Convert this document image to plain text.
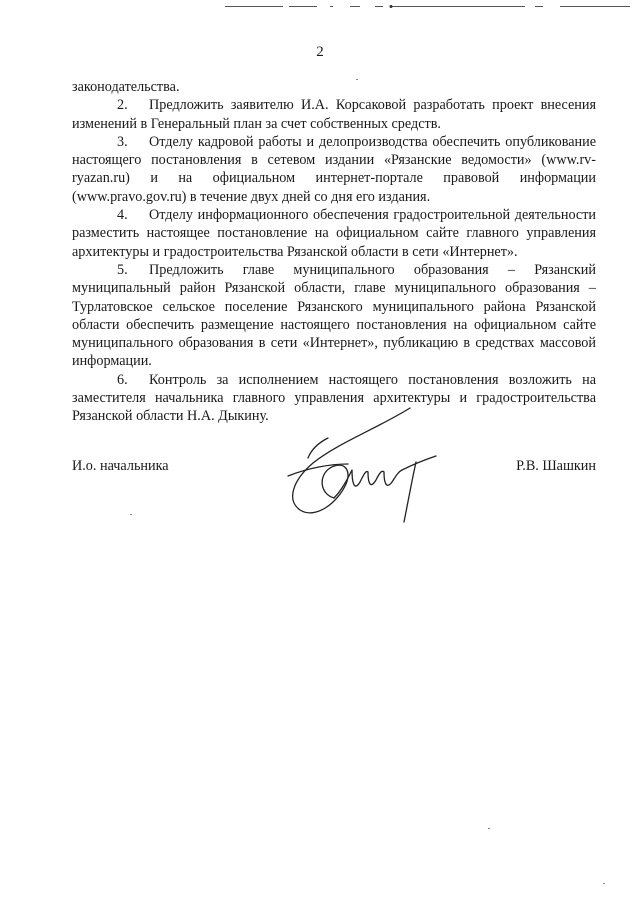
2

законодательства.

2. Предложить заявителю И.А. Корсаковой разработать проект внесения изменений в Генеральный план за счет собственных средств.

3. Отделу кадровой работы и делопроизводства обеспечить опубликование настоящего постановления в сетевом издании «Рязанские ведомости» (www.rv-ryazan.ru) и на официальном интернет-портале правовой информации (www.pravo.gov.ru) в течение двух дней со дня его издания.

4. Отделу информационного обеспечения градостроительной деятельности разместить настоящее постановление на официальном сайте главного управления архитектуры и градостроительства Рязанской области в сети «Интернет».

5. Предложить главе муниципального образования – Рязанский муниципальный район Рязанской области, главе муниципального образования – Турлатовское сельское поселение Рязанского муниципального района Рязанской области обеспечить размещение настоящего постановления на официальном сайте муниципального образования в сети «Интернет», публикацию в средствах массовой информации.

6. Контроль за исполнением настоящего постановления возложить на заместителя начальника главного управления архитектуры и градостроительства Рязанской области Н.А. Дыкину.

И.о. начальника	Р.В. Шашкин
